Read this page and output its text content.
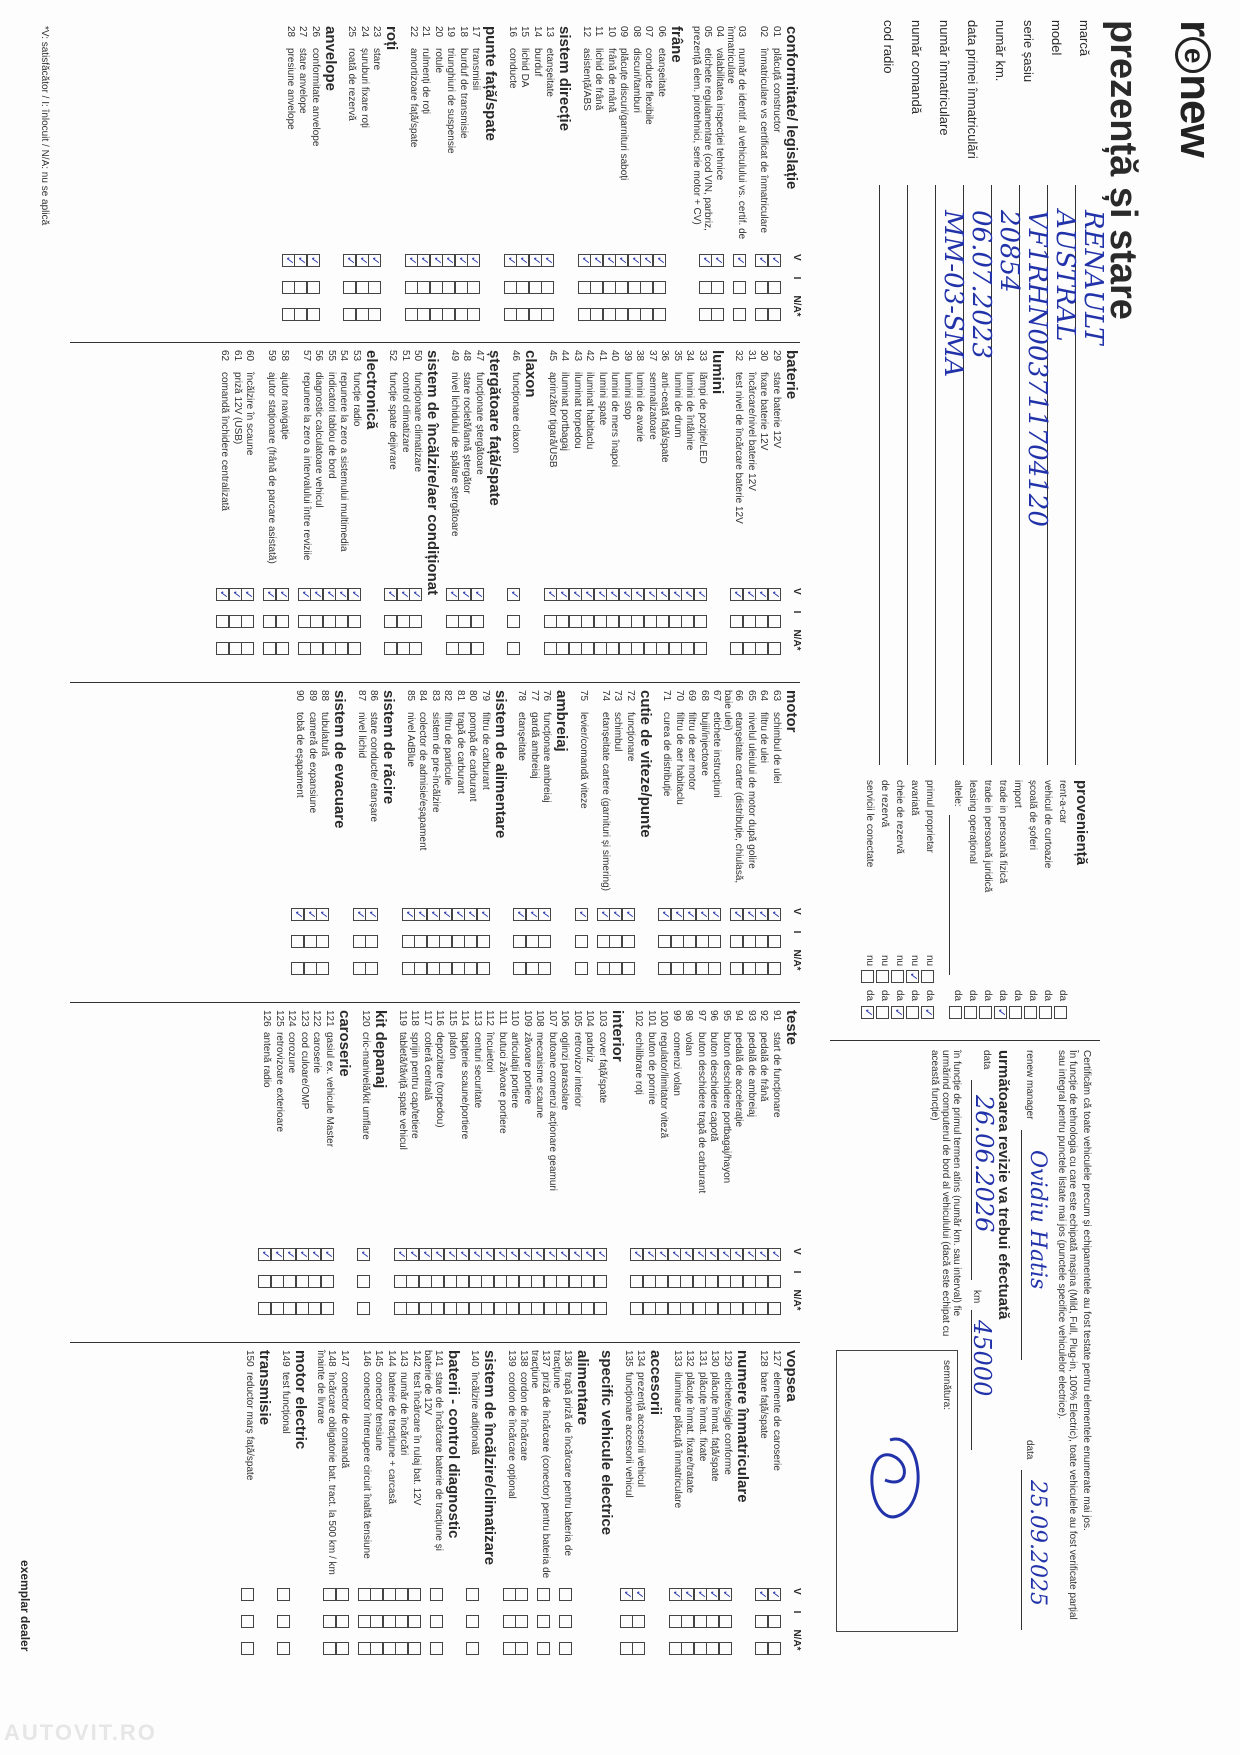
renew
prezență și stare
marcă
RENAULT
model
AUSTRAL
serie șasiu
VF1RHN003711704120
număr km.
20854
data primei înmatriculări
06.07.2023
număr înmatriculare
MM-03-SMA
număr comandă
cod radio
proveniență
rent-a-car
da
vehicul de curtoazie
da
școală de șoferi
da
import
da
trade in persoană fizică
da
✓
trade in persoană juridică
da
leasing operațional
da
altele:
da
primul proprietar
nu
da
✓
avariată
nu
✓
da
cheie de rezervă
nu
da
✓
de rezervă
nu
da
servicii le conectate
nu
da
✓
Certificăm că toate vehiculele precum și echipamentele au fost testate pentru elementele enumerate mai jos.
În funcție de tehnologia cu care este echipată mașina (Mild, Full, Plug-in, 100% Electric), toate vehiculele au fost verificate parțial sau integral pentru punctele listate mai jos (punctele specifice vehiculelor electrice).
renew manager
Ovidiu Hatis
data
25.09.2025
următoarea revizie va trebui efectuată
data
26.06.2026
km
45000
în funcție de primul termen atins (număr km. sau interval) fie urmărind computerul de bord al vehiculului (dacă este echipat cu această funcție)
semnătura:
V
I
N/A*
conformitate/ legislație
01plăcuță constructor
✓
02înmatriculare vs certificat de înmatriculare
✓
03număr de identif. al vehiculului vs. certif. de înmatriculare
✓
04valabilitatea inspecției tehnice
✓
05etichete regulamentare (cod VIN, parbriz, prezență elem. pirotehnici, serie motor + CV)
✓
frâne
06etanșeitate
✓
07conducte flexibile
✓
08discuri/tamburi
✓
09plăcuțe discuri/garnituri saboți
✓
10frână de mână
✓
11lichid de frână
✓
12asistență/ABS
✓
sistem direcție
13etanșeitate
✓
14burduf
✓
15lichid DA
✓
16conducte
✓
punte față/spate
17transmisii
✓
18burduf de transmisie
✓
19triunghiuri de suspensie
✓
20rotule
✓
21rulmenți de roți
✓
22amortizoare față/spate
✓
roți
23stare
✓
24șuruburi fixare roți
✓
25roată de rezervă
✓
anvelope
26conformitate anvelope
✓
27stare anvelope
✓
28presiune anvelope
✓
V
I
N/A*
baterie
29stare baterie 12V
✓
30fixare baterie 12V
✓
31încărcare/nivel baterie 12V
✓
32test nivel de încărcare baterie 12V
✓
lumini
33lămpi de poziție/LED
✓
34lumini de întâlnire
✓
35lumini de drum
✓
36anti-ceață față/spate
✓
37semnalizatoare
✓
38lumini de avarie
✓
39lumini stop
✓
40lumini de mers înapoi
✓
41lumini spate
✓
42iluminat habitaclu
✓
43iluminat torpedou
✓
44iluminat portbagaj
✓
45aprinzător țigară/USB
✓
claxon
46funcționare claxon
✓
ștergătoare față/spate
47funcționare ștergătoare
✓
48stare rocletă/lamă ștergător
✓
49nivel lichidului de spălare ștergătoare
✓
sistem de încălzire/aer condiționat
50funcționare climatizare
✓
51control climatizare
✓
52funcție spate dejivrare
✓
electronică
53funcție radio
✓
54repunere la zero a sistemului multimedia
✓
55indicatori tablou de bord
✓
56diagnostic calculatoare vehicul
✓
57repunere la zero a intervalului între reviziie
✓
58ajutor navigație
✓
59ajutor staționare (frână de parcare asistată)
✓
60încălzire în scaune
✓
61priză 12V (USB)
✓
62comandă închidere centralizată
✓
V
I
N/A*
motor
63schimbul de ulei
✓
64filtru de ulei
✓
65nivelul uleiului de motor după golire
✓
66etanșeitate carter (distribuție, chiulasă, baie ulei)
✓
67etichete instrucțiuni
✓
68bujii/injectoare
✓
69filtru de aer motor
✓
70filtru de aer habitaclu
✓
71curea de distribuție
✓
cutie de viteze/punte
72funcționare
✓
73schimbul
✓
74etanșeitate cartere (garnituri și simering)
✓
75levier/comandă viteze
✓
ambreiaj
76funcționare ambreiaj
✓
77gardă ambreiaj
✓
78etanșeitate
✓
sistem de alimentare
79filtru de carburant
✓
80pompă de carburant
✓
81trapă de carburant
✓
82filtru de particule
✓
83sistem de pre-încălzire
✓
84colector de admisie/eșapament
✓
85nivel AdBlue
✓
sistem de răcire
86stare conducte/ etanșare
✓
87nivel lichid
✓
sistem de evacuare
88tubulatură
✓
89cameră de expansiune
✓
90tobă de eșapament
✓
V
I
N/A*
teste
91start de funcționare
✓
92pedală de frână
✓
93pedală de ambreiaj
✓
94pedală de accelerație
✓
95buton deschidere portbagaj/hayon
✓
96buton deschidere capotă
✓
97buton deschidere trapă de carburant
✓
98volan
✓
99comenzi volan
✓
100regulator/limitator viteză
✓
101buton de pornire
✓
102echilibrare roți
✓
interior
103cover față/spate
✓
104parbriz
✓
105retrovizor interior
✓
106oglinzi parasolare
✓
107butoane comenzi acționare geamuri
✓
108mecanisme scaune
✓
109zăvoare portiere
✓
110articulații portiere
✓
111butuci zăvoare portiere
✓
112încuietori
✓
113centuri securitate
✓
114tapițerie scaune/portiere
✓
115plafon
✓
116depozitare (torpedou)
✓
117cotieră centrală
✓
118sprijin pentru cap/tetiere
✓
119tabletă/tăviță spate vehicul
✓
kit depanaj
120cric-manivelă/kit umflare
✓
caroserie
121gasiul ex. vehicule Master
✓
122caroserie
✓
123cod culoare/OMP
✓
124corozune
✓
125retrovizoare exterioare
✓
126antenă radio
✓
V
I
N/A*
vopsea
127elemente de caroserie
✓
128bare față/spate
✓
numere înmatriculare
129etichete/sigle conforme
✓
130plăcuțe înmat. față/spate
✓
131plăcuțe înmat. fixate
✓
132plăcuțe înmat. fixare/tratate
✓
133iluminare plăcuță înmatriculare
✓
accesorii
134prezență accesorii vehicul
✓
135funcționare accesorii vehicul
✓
specific vehicule electrice
alimentare
136trapă priză de încărcare pentru bateria de tracțiune
137priză de încărcare (conector) pentru bateria de tracțiune
138cordon de încărcare
139cordon de încărcare opțional
sistem de încălzire/climatizare
140încălzire adițională
baterii - control diagnostic
141stare de încărcare baterie de tracțiune și baterie de 12V
142test încărcare în rulaj bat. 12V
143număr de încărcări
144baterie de tracțiune + carcasă
145conector tensiune
146conector întrerupere circuit înaltă tensiune
147conector de comandă
148încărcare obligatorie bat. tract. la 500 km / km înainte de livrare
motor electric
149test funcțional
transmisie
150reductor marș față/spate
*V: satisfăcător / I: înlocuit / N/A: nu se aplică
exemplar dealer
AUTOVIT.RO
